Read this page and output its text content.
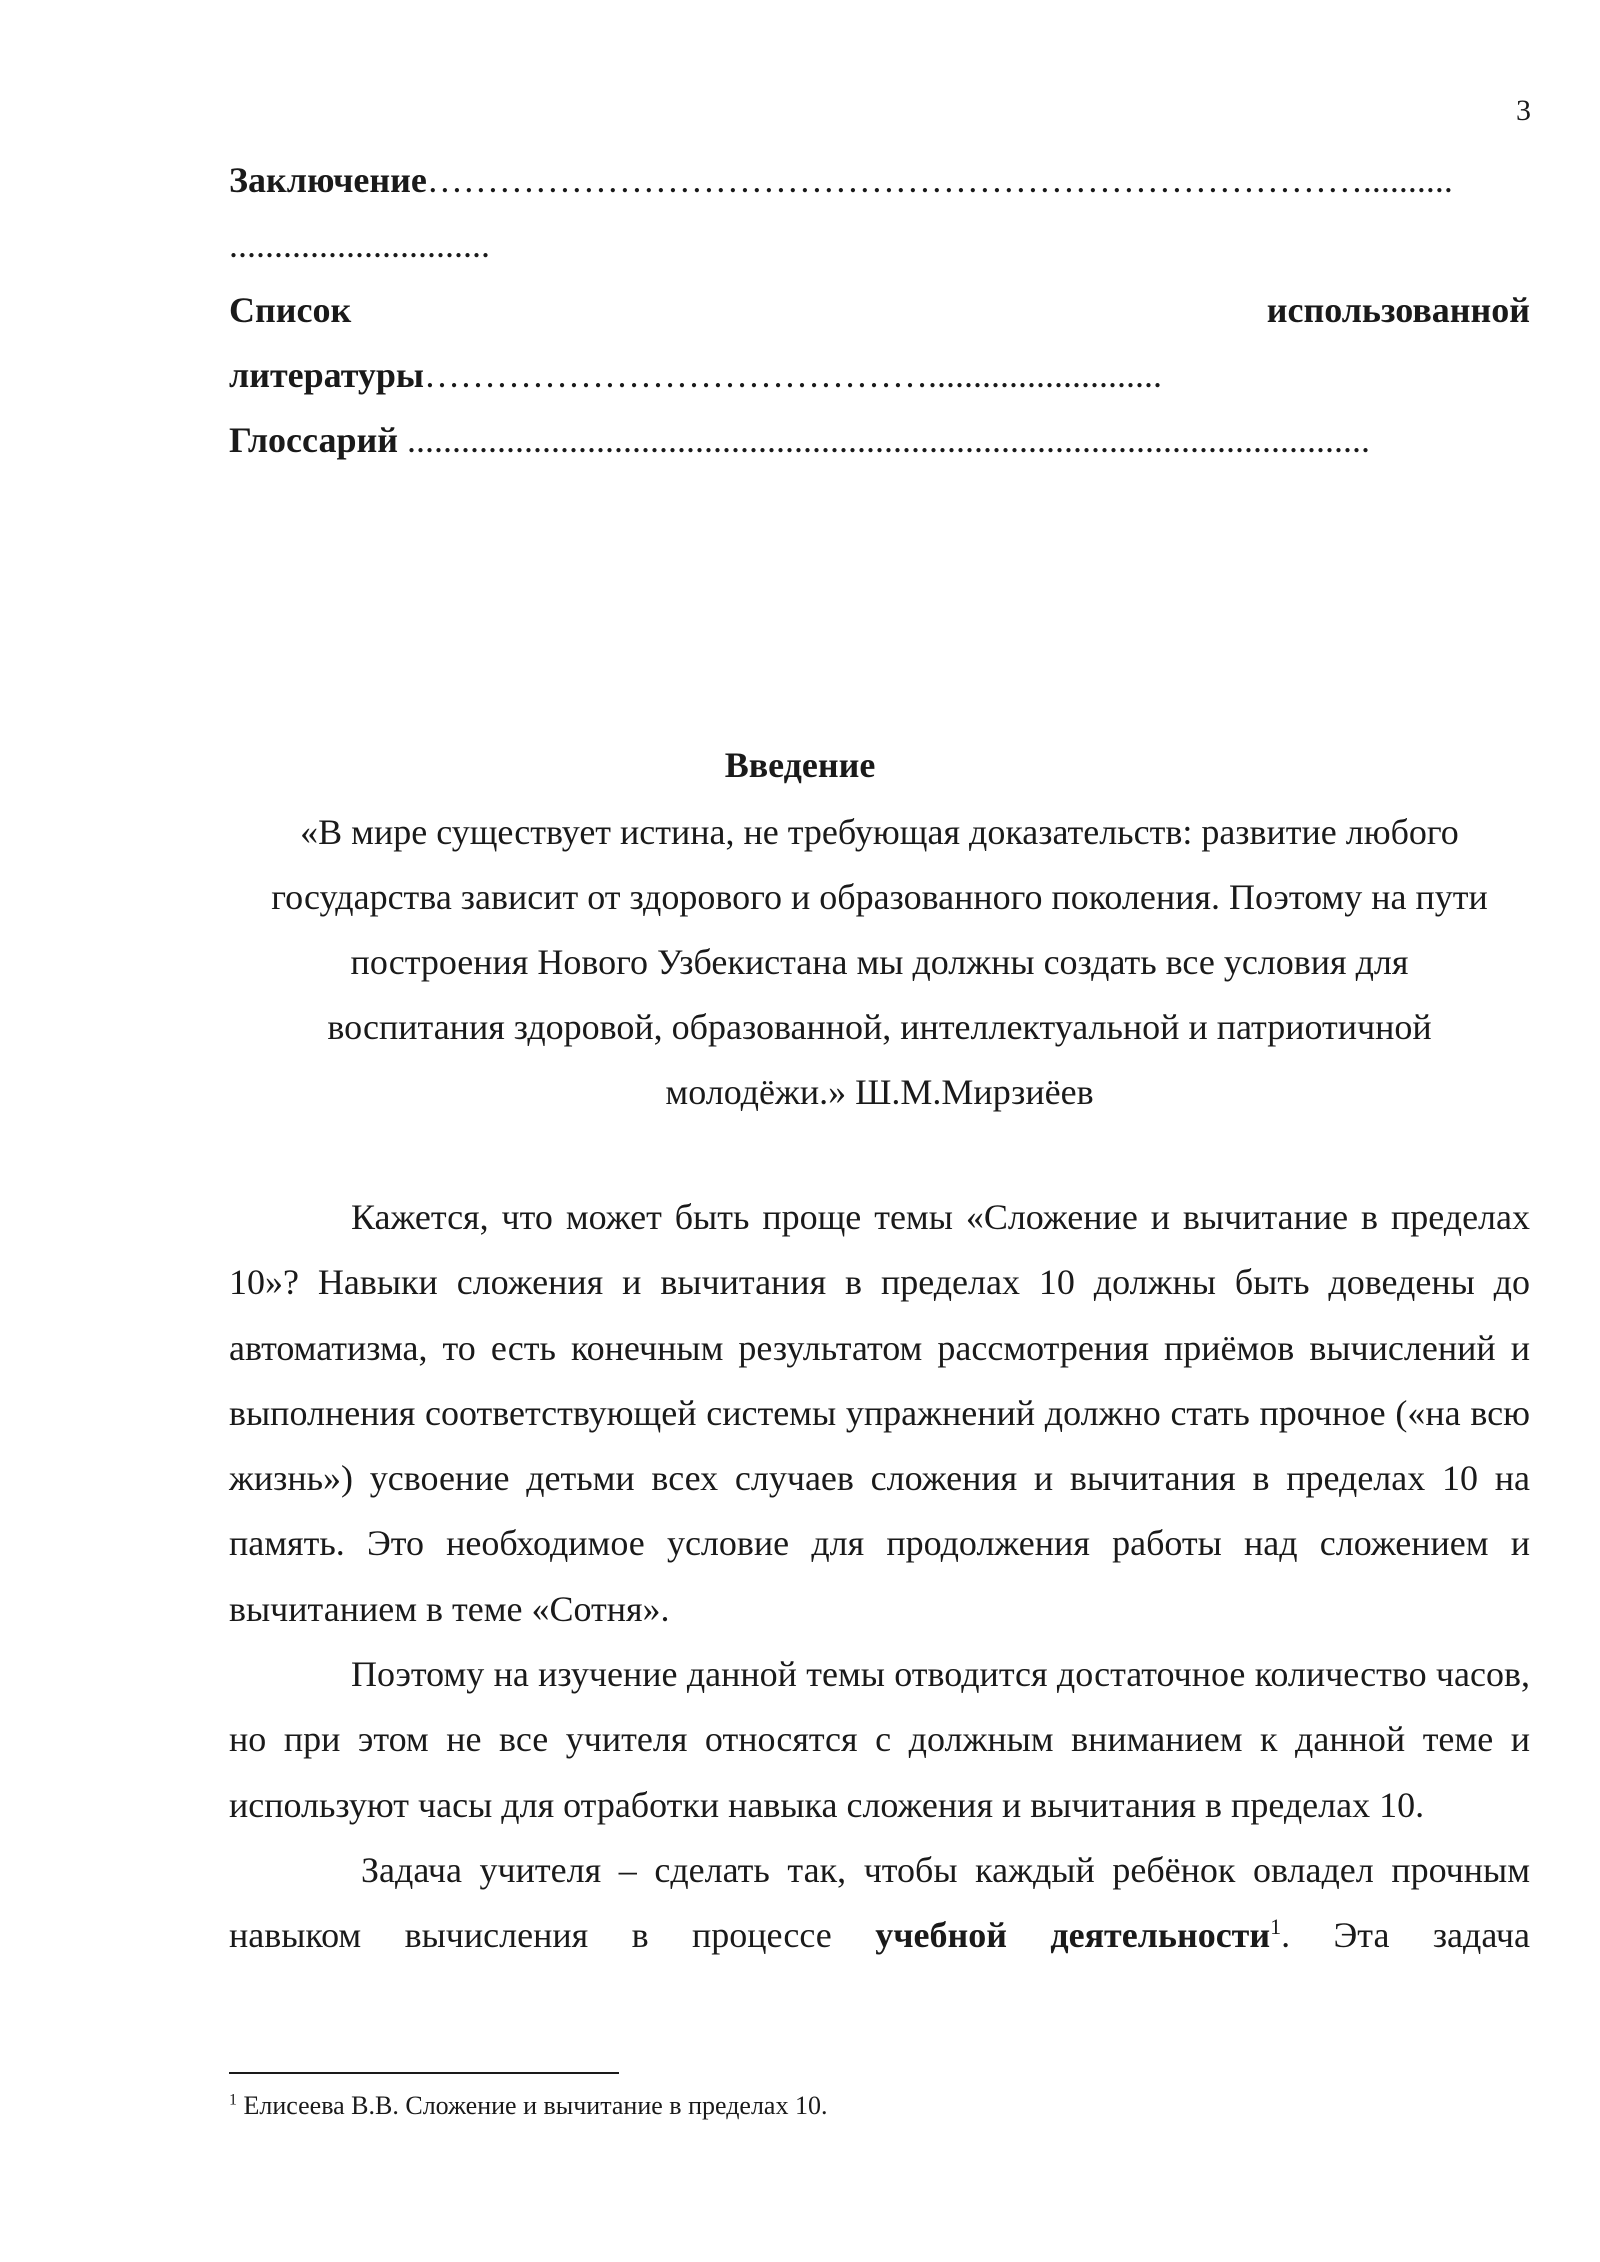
3
Заключение……………………………………………………………………..........
.............................
Список	использованной
литературы……………………………………..........................
Глоссарий ...........................................................................................................
Введение
«В мире существует истина, не требующая доказательств: развитие любого
государства зависит от здорового и образованного поколения. Поэтому на пути
построения Нового Узбекистана мы должны создать все условия для
воспитания здоровой, образованной, интеллектуальной и патриотичной
молодёжи.» Ш.М.Мирзиёев

Кажется, что может быть проще темы «Сложение и вычитание в пределах 10»? Навыки сложения и вычитания в пределах 10 должны быть доведены до автоматизма, то есть конечным результатом рассмотрения приёмов вычислений и выполнения соответствующей системы упражнений должно стать прочное («на всю жизнь») усвоение детьми всех случаев сложения и вычитания в пределах 10 на память. Это необходимое условие для продолжения работы над сложением и вычитанием в теме «Сотня».

Поэтому на изучение данной темы отводится достаточное количество часов, но при этом не все учителя относятся с должным вниманием к данной теме и используют часы для отработки навыка сложения и вычитания в пределах 10.

Задача учителя – сделать так, чтобы каждый ребёнок овладел прочным навыком вычисления в процессе учебной деятельности$^1$. Эта задача

$^1$ Елисеева В.В. Сложение и вычитание в пределах 10.
